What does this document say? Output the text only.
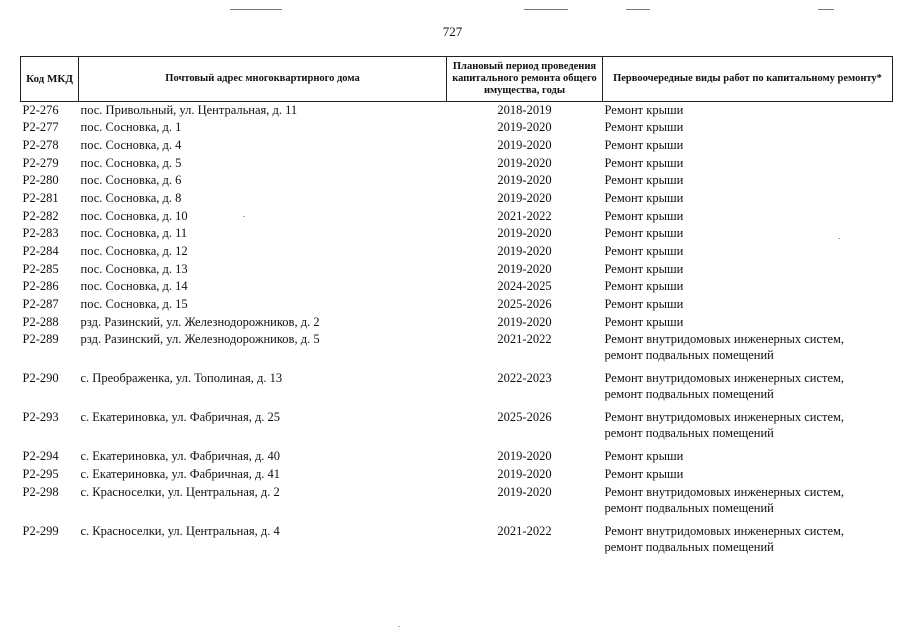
727
Код МКД	Почтовый адрес многоквартирного дома	Плановый период проведения капитального ремонта общего имущества, годы	Первоочередные виды работ по капитальному ремонту*
Р2-276	пос. Привольный, ул. Центральная, д. 11	2018-2019	Ремонт крыши

Р2-277	пос. Сосновка, д. 1	2019-2020	Ремонт крыши

Р2-278	пос. Сосновка, д. 4	2019-2020	Ремонт крыши

Р2-279	пос. Сосновка, д. 5	2019-2020	Ремонт крыши

Р2-280	пос. Сосновка, д. 6	2019-2020	Ремонт крыши

Р2-281	пос. Сосновка, д. 8	2019-2020	Ремонт крыши

Р2-282	пос. Сосновка, д. 10	2021-2022	Ремонт крыши

Р2-283	пос. Сосновка, д. 11	2019-2020	Ремонт крыши

Р2-284	пос. Сосновка, д. 12	2019-2020	Ремонт крыши

Р2-285	пос. Сосновка, д. 13	2019-2020	Ремонт крыши

Р2-286	пос. Сосновка, д. 14	2024-2025	Ремонт крыши

Р2-287	пос. Сосновка, д. 15	2025-2026	Ремонт крыши

Р2-288	рзд. Разинский, ул. Железнодорожников, д. 2	2019-2020	Ремонт крыши

Р2-289	рзд. Разинский, ул. Железнодорожников, д. 5	2021-2022	Ремонт внутридомовых инженерных систем,
ремонт подвальных помещений

Р2-290	с. Преображенка, ул. Тополиная, д. 13	2022-2023	Ремонт внутридомовых инженерных систем,
ремонт подвальных помещений

Р2-293	с. Екатериновка, ул. Фабричная, д. 25	2025-2026	Ремонт внутридомовых инженерных систем,
ремонт подвальных помещений

Р2-294	с. Екатериновка, ул. Фабричная, д. 40	2019-2020	Ремонт крыши

Р2-295	с. Екатериновка, ул. Фабричная, д. 41	2019-2020	Ремонт крыши

Р2-298	с. Красноселки, ул. Центральная, д. 2	2019-2020	Ремонт внутридомовых инженерных систем,
ремонт подвальных помещений

Р2-299	с. Красноселки, ул. Центральная, д. 4	2021-2022	Ремонт внутридомовых инженерных систем,
ремонт подвальных помещений
